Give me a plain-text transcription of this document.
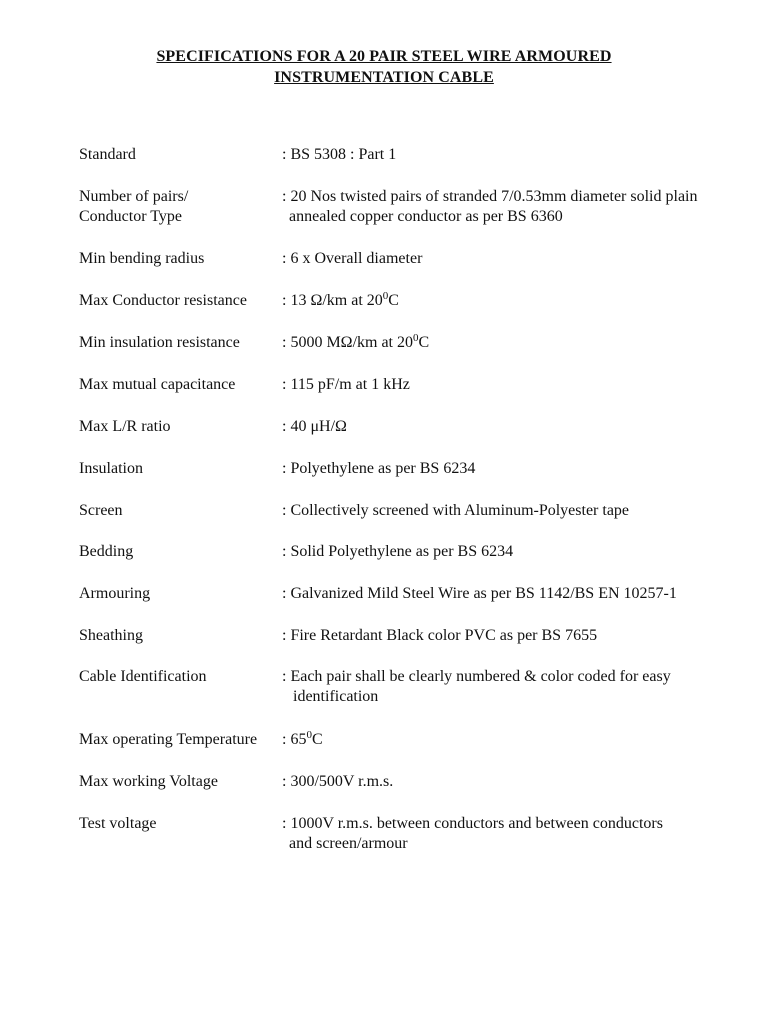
SPECIFICATIONS FOR A 20 PAIR STEEL WIRE ARMOURED
INSTRUMENTATION CABLE
Standard	: BS 5308 : Part 1
Number of pairs/
Conductor Type
: 20 Nos twisted pairs of stranded 7/0.53mm diameter solid plain
annealed copper conductor as per BS 6360
Min bending radius	: 6 x Overall diameter
Max Conductor resistance : 13 Ω/km at $20^0C$
Min insulation resistance	: 5000 MΩ/km at $20^0C$
Max mutual capacitance	: 115 pF/m at 1 kHz
Max L/R ratio	: 40 μH/Ω
Insulation	: Polyethylene as per BS 6234
Screen	: Collectively screened with Aluminum-Polyester tape
Bedding	: Solid Polyethylene as per BS 6234
Armouring	: Galvanized Mild Steel Wire as per BS 1142/BS EN 10257-1
Sheathing	: Fire Retardant Black color PVC as per BS 7655
Cable Identification	: Each pair shall be clearly numbered & color coded for easy
identification
Max operating Temperature : $65^0C$
Max working Voltage	: 300/500V r.m.s.
Test voltage	: 1000V r.m.s. between conductors and between conductors
and screen/armour
